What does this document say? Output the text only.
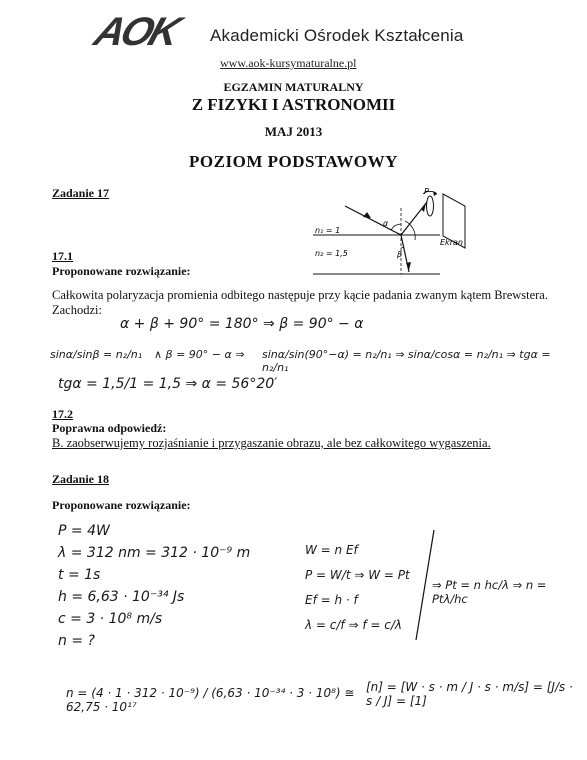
AOK Akademicki Ośrodek Kształcenia
www.aok-kursymaturalne.pl
EGZAMIN MATURALNY
Z FIZYKI I ASTRONOMII
MAJ 2013
POZIOM PODSTAWOWY
Zadanie 17
n₁ = 1
n₂ = 1,5
α
β
P
Ekran
17.1
Proponowane rozwiązanie:
Całkowita polaryzacja promienia odbitego następuje przy kącie padania zwanym kątem Brewstera.
Zachodzi:
α + β + 90° = 180° ⇒ β = 90° − α
sinα/sinβ = n₂/n₁ ∧ β = 90° − α ⇒ sinα/sin(90°−α) = n₂/n₁ ⇒ sinα/cosα = n₂/n₁ ⇒ tgα = n₂/n₁
tgα = 1,5/1 = 1,5 ⇒ α = 56°20′
17.2
Poprawna odpowiedź:
B. zaobserwujemy rozjaśnianie i przygaszanie obrazu, ale bez całkowitego wygaszenia.
Zadanie 18
Proponowane rozwiązanie:
P = 4W
λ = 312 nm = 312 · 10⁻⁹ m
t = 1s
h = 6,63 · 10⁻³⁴ Js
c = 3 · 10⁸ m/s
n = ?
W = n Ef
P = W/t ⇒ W = Pt
Ef = h · f
λ = c/f ⇒ f = c/λ
⇒ Pt = n hc/λ ⇒ n = Ptλ/hc
n = (4 · 1 · 312 · 10⁻⁹) / (6,63 · 10⁻³⁴ · 3 · 10⁸) ≅ 62,75 · 10¹⁷
[n] = [W · s · m / J · s · m/s] = [J/s · s / J] = [1]
